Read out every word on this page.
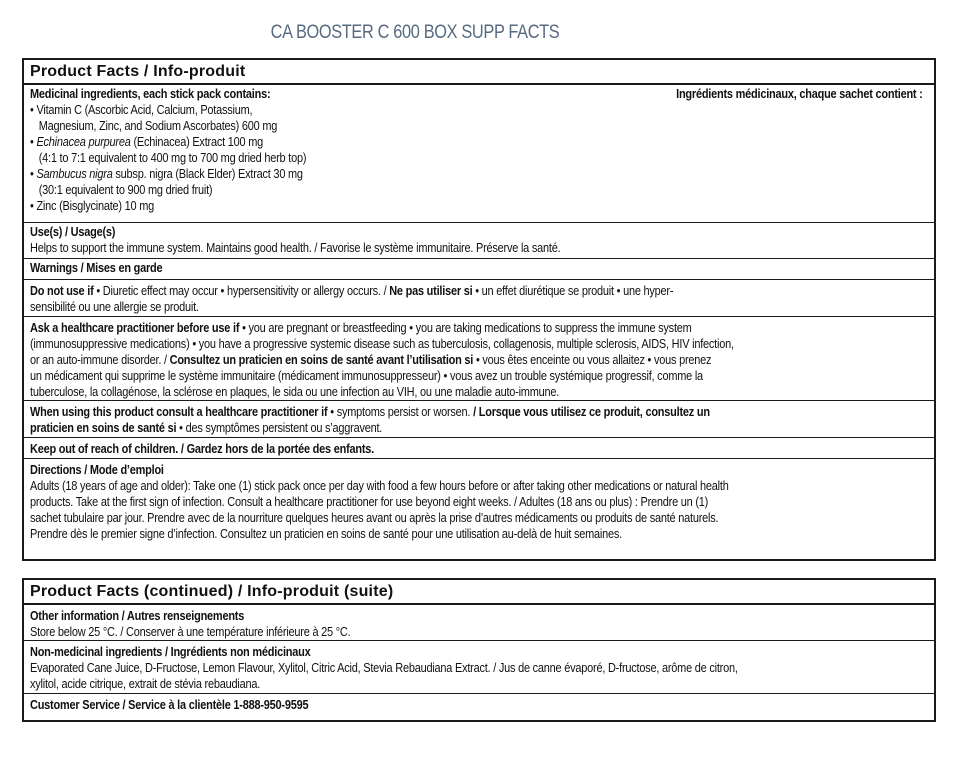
CA BOOSTER C 600 BOX SUPP FACTS
Product Facts / Info-produit
Medicinal ingredients, each stick pack contains:	Ingrédients médicinaux, chaque sachet contient :
• Vitamin C (Ascorbic Acid, Calcium, Potassium,
Magnesium, Zinc, and Sodium Ascorbates) 600 mg
• Echinacea purpurea (Echinacea) Extract 100 mg
(4:1 to 7:1 equivalent to 400 mg to 700 mg dried herb top)
• Sambucus nigra subsp. nigra (Black Elder) Extract 30 mg
(30:1 equivalent to 900 mg dried fruit)
• Zinc (Bisglycinate) 10 mg
Use(s) / Usage(s)
Helps to support the immune system. Maintains good health. / Favorise le système immunitaire. Préserve la santé.
Warnings / Mises en garde
Do not use if • Diuretic effect may occur • hypersensitivity or allergy occurs. / Ne pas utiliser si • un effet diurétique se produit • une hyper-
sensibilité ou une allergie se produit.
Ask a healthcare practitioner before use if • you are pregnant or breastfeeding • you are taking medications to suppress the immune system
(immunosuppressive medications) • you have a progressive systemic disease such as tuberculosis, collagenosis, multiple sclerosis, AIDS, HIV infection,
or an auto-immune disorder. / Consultez un praticien en soins de santé avant l’utilisation si • vous êtes enceinte ou vous allaitez • vous prenez
un médicament qui supprime le système immunitaire (médicament immunosuppresseur) • vous avez un trouble systémique progressif, comme la
tuberculose, la collagénose, la sclérose en plaques, le sida ou une infection au VIH, ou une maladie auto-immune.
When using this product consult a healthcare practitioner if • symptoms persist or worsen. / Lorsque vous utilisez ce produit, consultez un
praticien en soins de santé si • des symptômes persistent ou s’aggravent.
Keep out of reach of children. / Gardez hors de la portée des enfants.
Directions / Mode d’emploi
Adults (18 years of age and older): Take one (1) stick pack once per day with food a few hours before or after taking other medications or natural health
products. Take at the first sign of infection. Consult a healthcare practitioner for use beyond eight weeks. / Adultes (18 ans ou plus) : Prendre un (1)
sachet tubulaire par jour. Prendre avec de la nourriture quelques heures avant ou après la prise d’autres médicaments ou produits de santé naturels.
Prendre dès le premier signe d’infection. Consultez un praticien en soins de santé pour une utilisation au-delà de huit semaines.
Product Facts (continued) / Info-produit (suite)
Other information / Autres renseignements
Store below 25 °C. / Conserver à une température inférieure à 25 °C.
Non-medicinal ingredients / Ingrédients non médicinaux
Evaporated Cane Juice, D-Fructose, Lemon Flavour, Xylitol, Citric Acid, Stevia Rebaudiana Extract. / Jus de canne évaporé, D-fructose, arôme de citron,
xylitol, acide citrique, extrait de stévia rebaudiana.
Customer Service / Service à la clientèle 1-888-950-9595
